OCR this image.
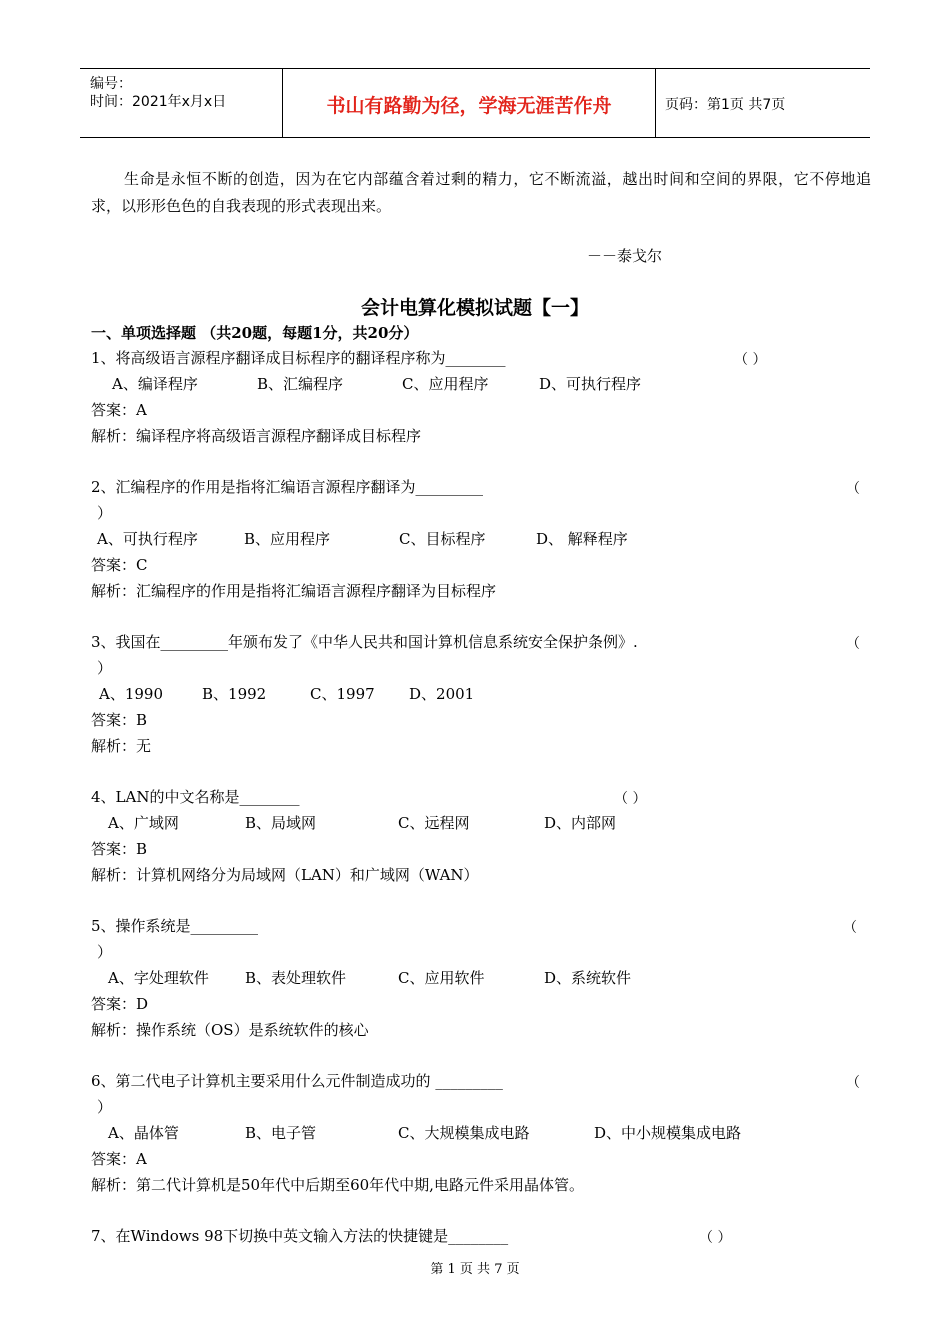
编号：
时间：2021年x月x日	书山有路勤为径，学海无涯苦作舟	页码：第1页 共7页
生命是永恒不断的创造，因为在它内部蕴含着过剩的精力，它不断流溢，越出时间和空间的界限，它不停地追求，以形形色色的自我表现的形式表现出来。
－－泰戈尔
会计电算化模拟试题【一】
一、单项选择题 （共20题，每题1分，共20分）
1、将高级语言源程序翻译成目标程序的翻译程序称为________	（ ）
A、编译程序	B、汇编程序	C、应用程序	D、可执行程序
答案：A
解析：编译程序将高级语言源程序翻译成目标程序
2、汇编程序的作用是指将汇编语言源程序翻译为_________	（
）
A、可执行程序	B、应用程序	C、目标程序	D、 解释程序
答案：C
解析：汇编程序的作用是指将汇编语言源程序翻译为目标程序
3、我国在_________年颁布发了《中华人民共和国计算机信息系统安全保护条例》.	（
）
A、1990	B、1992	C、1997 D、2001
答案：B
解析：无
4、LAN的中文名称是________	（ ）
A、广域网	B、局域网	C、远程网	D、内部网
答案：B
解析：计算机网络分为局域网（LAN）和广域网（WAN）
5、操作系统是_________	（
）
A、字处理软件 B、表处理软件	C、应用软件	D、系统软件
答案：D
解析：操作系统（OS）是系统软件的核心
6、第二代电子计算机主要采用什么元件制造成功的 _________	（
）
A、晶体管	B、电子管	C、大规模集成电路	D、中小规模集成电路
答案：A
解析：第二代计算机是50年代中后期至60年代中期,电路元件采用晶体管。
7、在Windows 98下切换中英文输入方法的快捷键是________	（ ）
第 1 页 共 7 页
